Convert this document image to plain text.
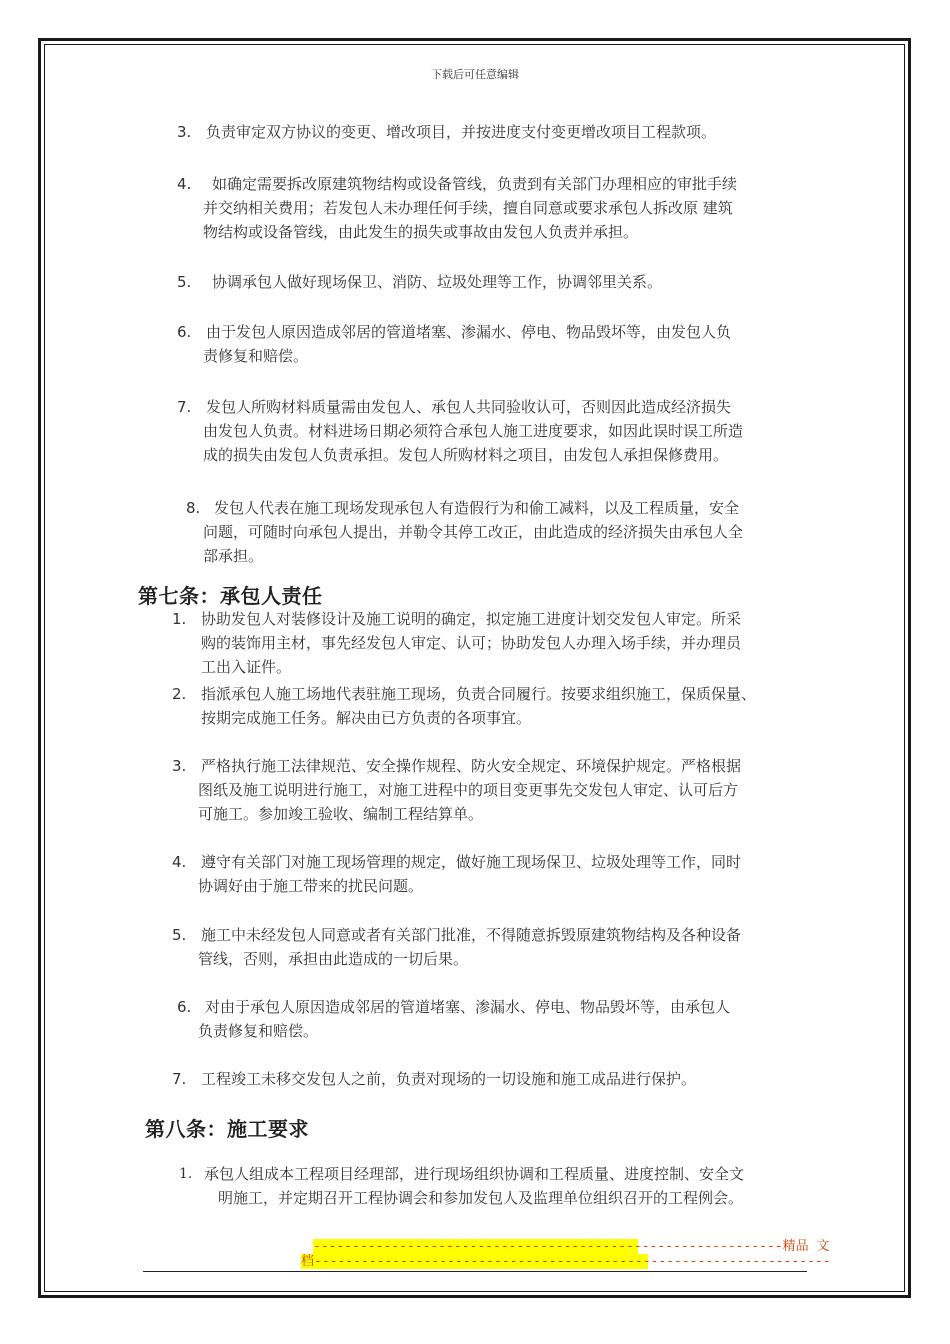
下载后可任意编辑
3. 负责审定双方协议的变更、增改项目，并按进度支付变更增改项目工程款项。
4. 如确定需要拆改原建筑物结构或设备管线，负责到有关部门办理相应的审批手续
并交纳相关费用；若发包人未办理任何手续，擅自同意或要求承包人拆改原 建筑
物结构或设备管线，由此发生的损失或事故由发包人负责并承担。
5. 协调承包人做好现场保卫、消防、垃圾处理等工作，协调邻里关系。
6. 由于发包人原因造成邻居的管道堵塞、渗漏水、停电、物品毁坏等，由发包人负
责修复和赔偿。
7. 发包人所购材料质量需由发包人、承包人共同验收认可，否则因此造成经济损失
由发包人负责。材料进场日期必须符合承包人施工进度要求，如因此误时误工所造
成的损失由发包人负责承担。发包人所购材料之项目，由发包人承担保修费用。
8. 发包人代表在施工现场发现承包人有造假行为和偷工减料，以及工程质量，安全
问题，可随时向承包人提出，并勒令其停工改正，由此造成的经济损失由承包人全
部承担。
第七条：承包人责任
1. 协助发包人对装修设计及施工说明的确定，拟定施工进度计划交发包人审定。所采
购的装饰用主材，事先经发包人审定、认可；协助发包人办理入场手续，并办理员
工出入证件。
2. 指派承包人施工场地代表驻施工现场，负责合同履行。按要求组织施工，保质保量、
按期完成施工任务。解决由已方负责的各项事宜。
3. 严格执行施工法律规范、安全操作规程、防火安全规定、环境保护规定。严格根据
图纸及施工说明进行施工，对施工进程中的项目变更事先交发包人审定、认可后方
可施工。参加竣工验收、编制工程结算单。
4. 遵守有关部门对施工现场管理的规定，做好施工现场保卫、垃圾处理等工作，同时
协调好由于施工带来的扰民问题。
5. 施工中未经发包人同意或者有关部门批准，不得随意拆毁原建筑物结构及各种设备
管线，否则，承担由此造成的一切后果。
6. 对由于承包人原因造成邻居的管道堵塞、渗漏水、停电、物品毁坏等，由承包人
负责修复和赔偿。
7. 工程竣工未移交发包人之前，负责对现场的一切设施和施工成品进行保护。
第八条：施工要求
1. 承包人组成本工程项目经理部，进行现场组织协调和工程质量、进度控制、安全文
明施工，并定期召开工程协调会和参加发包人及监理单位组织召开的工程例会。
------------------------------------------------------------精品 文
档------------------------------------------------------------------
